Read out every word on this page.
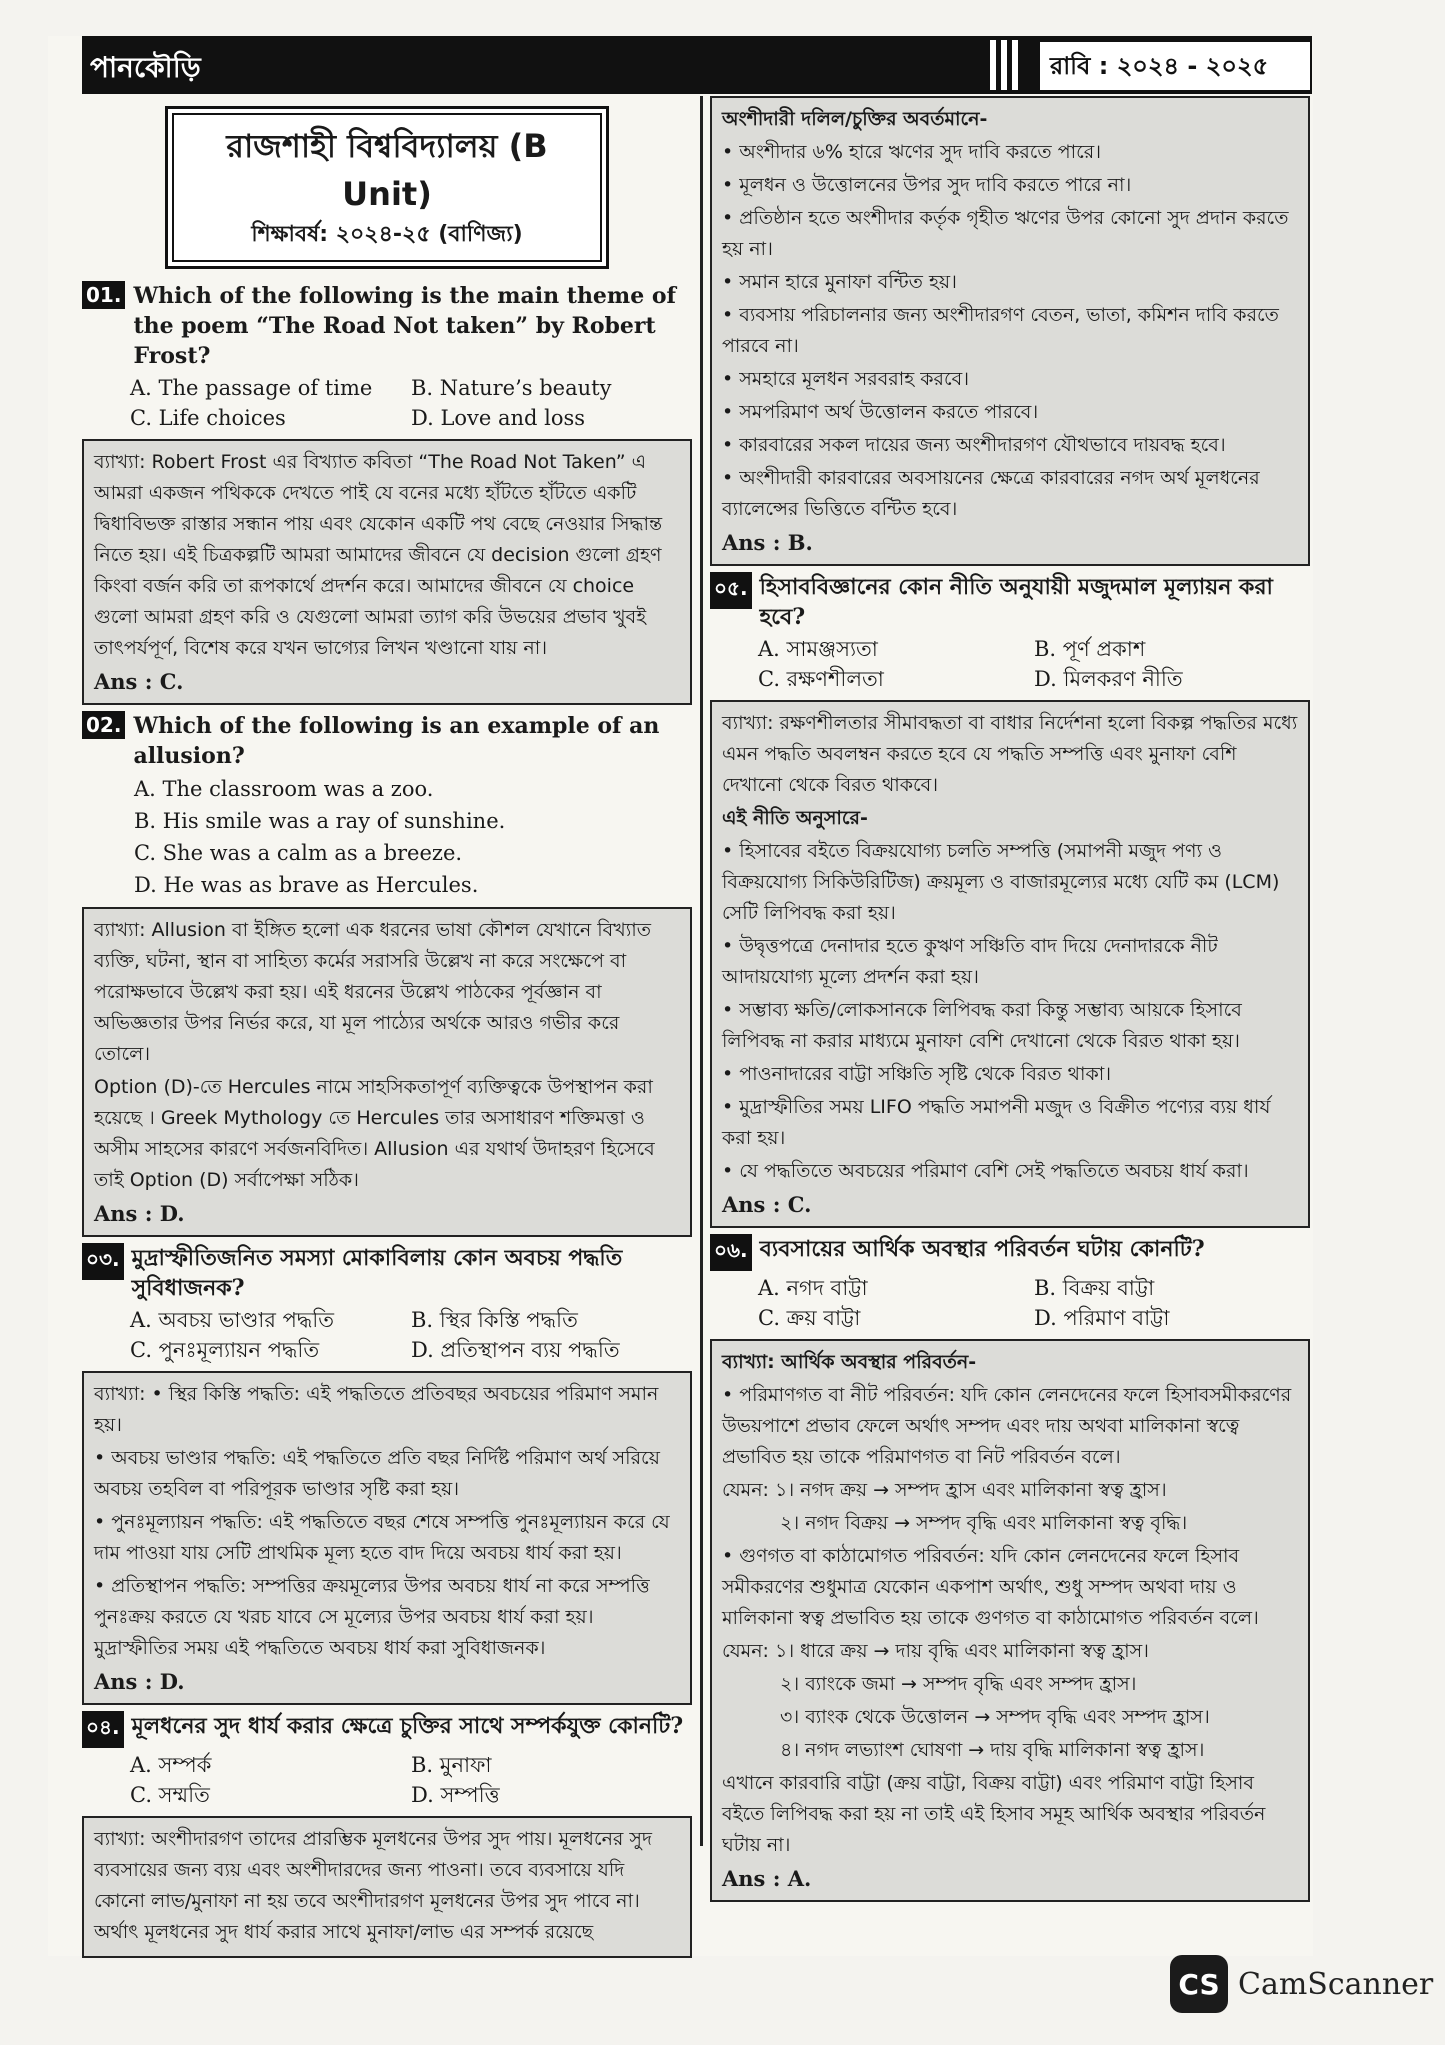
পানকৌড়ি	রাবি : ২০২৪ - ২০২৫
রাজশাহী বিশ্ববিদ্যালয় (B Unit)
শিক্ষাবর্ষ: ২০২৪-২৫ (বাণিজ্য)
01. Which of the following is the main theme of the poem “The Road Not taken” by Robert Frost?
A. The passage of time	B. Nature’s beauty
C. Life choices	D. Love and loss

ব্যাখ্যা: Robert Frost এর বিখ্যাত কবিতা “The Road Not Taken” এ আমরা একজন পথিককে দেখতে পাই যে বনের মধ্যে হাঁটতে হাঁটতে একটি দ্বিধাবিভক্ত রাস্তার সন্ধান পায় এবং যেকোন একটি পথ বেছে নেওয়ার সিদ্ধান্ত নিতে হয়। এই চিত্রকল্পটি আমরা আমাদের জীবনে যে decision গুলো গ্রহণ কিংবা বর্জন করি তা রূপকার্থে প্রদর্শন করে। আমাদের জীবনে যে choice গুলো আমরা গ্রহণ করি ও যেগুলো আমরা ত্যাগ করি উভয়ের প্রভাব খুবই তাৎপর্যপূর্ণ, বিশেষ করে যখন ভাগ্যের লিখন খণ্ডানো যায় না।

Ans : C.
02. Which of the following is an example of an allusion?
A. The classroom was a zoo.
B. His smile was a ray of sunshine.
C. She was a calm as a breeze.
D. He was as brave as Hercules.

ব্যাখ্যা: Allusion বা ইঙ্গিত হলো এক ধরনের ভাষা কৌশল যেখানে বিখ্যাত ব্যক্তি, ঘটনা, স্থান বা সাহিত্য কর্মের সরাসরি উল্লেখ না করে সংক্ষেপে বা পরোক্ষভাবে উল্লেখ করা হয়। এই ধরনের উল্লেখ পাঠকের পূর্বজ্ঞান বা অভিজ্ঞতার উপর নির্ভর করে, যা মূল পাঠ্যের অর্থকে আরও গভীর করে তোলে।

Option (D)-তে Hercules নামে সাহসিকতাপূর্ণ ব্যক্তিত্বকে উপস্থাপন করা হয়েছে । Greek Mythology তে Hercules তার অসাধারণ শক্তিমত্তা ও অসীম সাহসের কারণে সর্বজনবিদিত। Allusion এর যথার্থ উদাহরণ হিসেবে তাই Option (D) সর্বাপেক্ষা সঠিক।

Ans : D.
০৩. মুদ্রাস্ফীতিজনিত সমস্যা মোকাবিলায় কোন অবচয় পদ্ধতি সুবিধাজনক?
A. অবচয় ভাণ্ডার পদ্ধতি	B. স্থির কিস্তি পদ্ধতি
C. পুনঃমূল্যায়ন পদ্ধতি	D. প্রতিস্থাপন ব্যয় পদ্ধতি

ব্যাখ্যা: • স্থির কিস্তি পদ্ধতি: এই পদ্ধতিতে প্রতিবছর অবচয়ের পরিমাণ সমান হয়।

• অবচয় ভাণ্ডার পদ্ধতি: এই পদ্ধতিতে প্রতি বছর নির্দিষ্ট পরিমাণ অর্থ সরিয়ে অবচয় তহবিল বা পরিপূরক ভাণ্ডার সৃষ্টি করা হয়।

• পুনঃমূল্যায়ন পদ্ধতি: এই পদ্ধতিতে বছর শেষে সম্পত্তি পুনঃমূল্যায়ন করে যে দাম পাওয়া যায় সেটি প্রাথমিক মূল্য হতে বাদ দিয়ে অবচয় ধার্য করা হয়।

• প্রতিস্থাপন পদ্ধতি: সম্পত্তির ক্রয়মূল্যের উপর অবচয় ধার্য না করে সম্পত্তি পুনঃক্রয় করতে যে খরচ যাবে সে মূল্যের উপর অবচয় ধার্য করা হয়। মুদ্রাস্ফীতির সময় এই পদ্ধতিতে অবচয় ধার্য করা সুবিধাজনক।

Ans : D.
০৪. মূলধনের সুদ ধার্য করার ক্ষেত্রে চুক্তির সাথে সম্পর্কযুক্ত কোনটি?
A. সম্পর্ক	B. মুনাফা
C. সম্মতি	D. সম্পত্তি

ব্যাখ্যা: অংশীদারগণ তাদের প্রারম্ভিক মূলধনের উপর সুদ পায়। মূলধনের সুদ ব্যবসায়ের জন্য ব্যয় এবং অংশীদারদের জন্য পাওনা। তবে ব্যবসায়ে যদি কোনো লাভ/মুনাফা না হয় তবে অংশীদারগণ মূলধনের উপর সুদ পাবে না। অর্থাৎ মূলধনের সুদ ধার্য করার সাথে মুনাফা/লাভ এর সম্পর্ক রয়েছে

অংশীদারী দলিল/চুক্তির অবর্তমানে-

• অংশীদার ৬% হারে ঋণের সুদ দাবি করতে পারে।

• মূলধন ও উত্তোলনের উপর সুদ দাবি করতে পারে না।

• প্রতিষ্ঠান হতে অংশীদার কর্তৃক গৃহীত ঋণের উপর কোনো সুদ প্রদান করতে হয় না।

• সমান হারে মুনাফা বন্টিত হয়।

• ব্যবসায় পরিচালনার জন্য অংশীদারগণ বেতন, ভাতা, কমিশন দাবি করতে পারবে না।

• সমহারে মূলধন সরবরাহ করবে।

• সমপরিমাণ অর্থ উত্তোলন করতে পারবে।

• কারবারের সকল দায়ের জন্য অংশীদারগণ যৌথভাবে দায়বদ্ধ হবে।

• অংশীদারী কারবারের অবসায়নের ক্ষেত্রে কারবারের নগদ অর্থ মূলধনের ব্যালেন্সের ভিত্তিতে বন্টিত হবে।

Ans : B.
০৫. হিসাববিজ্ঞানের কোন নীতি অনুযায়ী মজুদমাল মূল্যায়ন করা হবে?
A. সামঞ্জস্যতা	B. পূর্ণ প্রকাশ
C. রক্ষণশীলতা	D. মিলকরণ নীতি

ব্যাখ্যা: রক্ষণশীলতার সীমাবদ্ধতা বা বাধার নির্দেশনা হলো বিকল্প পদ্ধতির মধ্যে এমন পদ্ধতি অবলম্বন করতে হবে যে পদ্ধতি সম্পত্তি এবং মুনাফা বেশি দেখানো থেকে বিরত থাকবে।

এই নীতি অনুসারে-

• হিসাবের বইতে বিক্রয়যোগ্য চলতি সম্পত্তি (সমাপনী মজুদ পণ্য ও বিক্রয়যোগ্য সিকিউরিটিজ) ক্রয়মূল্য ও বাজারমূল্যের মধ্যে যেটি কম (LCM) সেটি লিপিবদ্ধ করা হয়।

• উদ্বৃত্তপত্রে দেনাদার হতে কুঋণ সঞ্চিতি বাদ দিয়ে দেনাদারকে নীট আদায়যোগ্য মূল্যে প্রদর্শন করা হয়।

• সম্ভাব্য ক্ষতি/লোকসানকে লিপিবদ্ধ করা কিন্তু সম্ভাব্য আয়কে হিসাবে লিপিবদ্ধ না করার মাধ্যমে মুনাফা বেশি দেখানো থেকে বিরত থাকা হয়।

• পাওনাদারের বাট্টা সঞ্চিতি সৃষ্টি থেকে বিরত থাকা।

• মুদ্রাস্ফীতির সময় LIFO পদ্ধতি সমাপনী মজুদ ও বিক্রীত পণ্যের ব্যয় ধার্য করা হয়।

• যে পদ্ধতিতে অবচয়ের পরিমাণ বেশি সেই পদ্ধতিতে অবচয় ধার্য করা।

Ans : C.
০৬. ব্যবসায়ের আর্থিক অবস্থার পরিবর্তন ঘটায় কোনটি?
A. নগদ বাট্টা	B. বিক্রয় বাট্টা
C. ক্রয় বাট্টা	D. পরিমাণ বাট্টা

ব্যাখ্যা: আর্থিক অবস্থার পরিবর্তন-

• পরিমাণগত বা নীট পরিবর্তন: যদি কোন লেনদেনের ফলে হিসাবসমীকরণের উভয়পাশে প্রভাব ফেলে অর্থাৎ সম্পদ এবং দায় অথবা মালিকানা স্বত্বে প্রভাবিত হয় তাকে পরিমাণগত বা নিট পরিবর্তন বলে।

যেমন: ১। নগদ ক্রয় → সম্পদ হ্রাস এবং মালিকানা স্বত্ব হ্রাস।

২। নগদ বিক্রয় → সম্পদ বৃদ্ধি এবং মালিকানা স্বত্ব বৃদ্ধি।

• গুণগত বা কাঠামোগত পরিবর্তন: যদি কোন লেনদেনের ফলে হিসাব সমীকরণের শুধুমাত্র যেকোন একপাশ অর্থাৎ, শুধু সম্পদ অথবা দায় ও মালিকানা স্বত্ব প্রভাবিত হয় তাকে গুণগত বা কাঠামোগত পরিবর্তন বলে।

যেমন: ১। ধারে ক্রয় → দায় বৃদ্ধি এবং মালিকানা স্বত্ব হ্রাস।

২। ব্যাংকে জমা → সম্পদ বৃদ্ধি এবং সম্পদ হ্রাস।

৩। ব্যাংক থেকে উত্তোলন → সম্পদ বৃদ্ধি এবং সম্পদ হ্রাস।

৪। নগদ লভ্যাংশ ঘোষণা → দায় বৃদ্ধি মালিকানা স্বত্ব হ্রাস।

এখানে কারবারি বাট্টা (ক্রয় বাট্টা, বিক্রয় বাট্টা) এবং পরিমাণ বাট্টা হিসাব বইতে লিপিবদ্ধ করা হয় না তাই এই হিসাব সমূহ আর্থিক অবস্থার পরিবর্তন ঘটায় না।

Ans : A.
CS CamScanner
